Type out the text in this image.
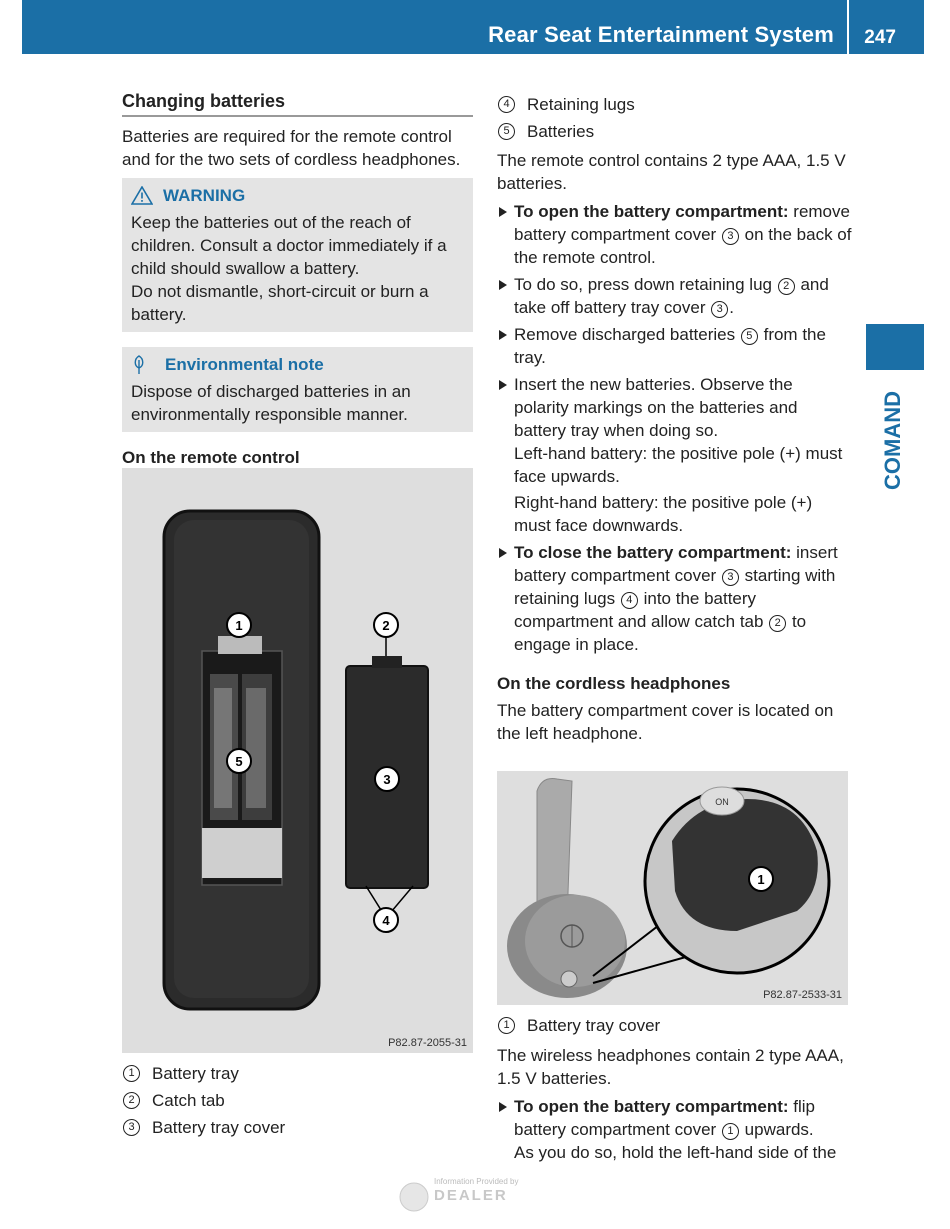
Rear Seat Entertainment System 247
COMAND
Changing batteries

Batteries are required for the remote control and for the two sets of cordless headphones.

WARNING

Keep the batteries out of the reach of children. Consult a doctor immediately if a child should swallow a battery.

Do not dismantle, short-circuit or burn a battery.

Environmental note

Dispose of discharged batteries in an environmentally responsible manner.

On the remote control
1	2
3
4
5
P82.87-2055-31
1	Battery tray
2	Catch tab
3	Battery tray cover
4	Retaining lugs
5	Batteries

The remote control contains 2 type AAA, 1.5 V batteries.

To open the battery compartment: remove battery compartment cover 3 on the back of the remote control.
To do so, press down retaining lug 2 and take off battery tray cover 3 .
Remove discharged batteries 5 from the tray.

Insert the new batteries. Observe the polarity markings on the batteries and battery tray when doing so.

Left-hand battery: the positive pole (+) must face upwards.

Right-hand battery: the positive pole (+) must face downwards.

To close the battery compartment: insert battery compartment cover 3 starting with retaining lugs 4 into the battery compartment and allow catch tab 2 to engage in place.
On the cordless headphones

The battery compartment cover is located on the left headphone.

ON
1
P82.87-2533-31
1	Battery tray cover

The wireless headphones contain 2 type AAA, 1.5 V batteries.

To open the battery compartment: flip battery compartment cover 1 upwards.

As you do so, hold the left-hand side of the

Information Provided by
DEALER
